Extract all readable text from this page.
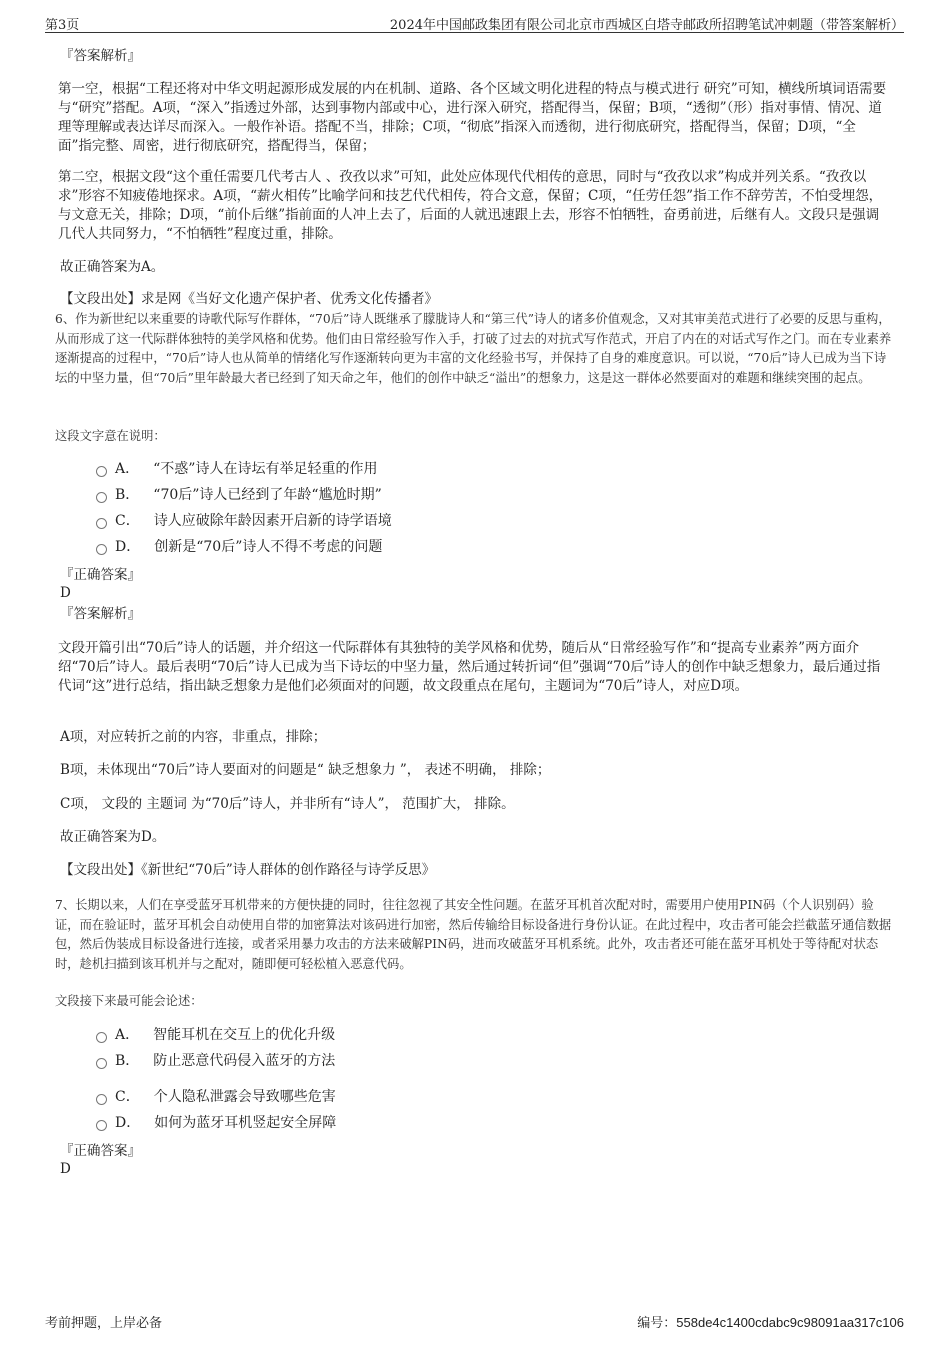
第3页	2024年中国邮政集团有限公司北京市西城区白塔寺邮政所招聘笔试冲刺题（带答案解析）
『答案解析』

第一空，根据“工程还将对中华文明起源形成发展的内在机制、道路、各个区域文明化进程的特点与模式进行 研究”可知，横线所填词语需要与“研究”搭配。A项，“深入”指透过外部，达到事物内部或中心，进行深入研究，搭配得当，保留；B项，“透彻”（形）指对事情、情况、道理等理解或表达详尽而深入。一般作补语。搭配不当，排除；C项，“彻底”指深入而透彻，进行彻底研究，搭配得当，保留；D项，“全面”指完整、周密，进行彻底研究，搭配得当，保留；

第二空，根据文段“这个重任需要几代考古人 、孜孜以求”可知，此处应体现代代相传的意思，同时与“孜孜以求”构成并列关系。“孜孜以求”形容不知疲倦地探求。A项，“薪火相传”比喻学问和技艺代代相传，符合文意，保留；C项，“任劳任怨”指工作不辞劳苦，不怕受埋怨，与文意无关，排除；D项，“前仆后继”指前面的人冲上去了，后面的人就迅速跟上去，形容不怕牺牲，奋勇前进，后继有人。文段只是强调几代人共同努力，“不怕牺牲”程度过重，排除。

故正确答案为A。
【文段出处】求是网《当好文化遗产保护者、优秀文化传播者》

6、作为新世纪以来重要的诗歌代际写作群体，“70后”诗人既继承了朦胧诗人和“第三代”诗人的诸多价值观念，又对其审美范式进行了必要的反思与重构，从而形成了这一代际群体独特的美学风格和优势。他们由日常经验写作入手，打破了过去的对抗式写作范式，开启了内在的对话式写作之门。而在专业素养逐渐提高的过程中，“70后”诗人也从简单的情绪化写作逐渐转向更为丰富的文化经验书写，并保持了自身的难度意识。可以说，“70后”诗人已成为当下诗坛的中坚力量，但“70后”里年龄最大者已经到了知天命之年，他们的创作中缺乏“溢出”的想象力，这是这一群体必然要面对的难题和继续突围的起点。

这段文字意在说明：
A． “不惑”诗人在诗坛有举足轻重的作用
B． “70后”诗人已经到了年龄“尴尬时期”
C． 诗人应破除年龄因素开启新的诗学语境
D． 创新是“70后”诗人不得不考虑的问题
『正确答案』
D
『答案解析』

文段开篇引出“70后”诗人的话题，并介绍这一代际群体有其独特的美学风格和优势，随后从“日常经验写作”和“提高专业素养”两方面介绍“70后”诗人。最后表明“70后”诗人已成为当下诗坛的中坚力量，然后通过转折词“但”强调“70后”诗人的创作中缺乏想象力，最后通过指代词“这”进行总结，指出缺乏想象力是他们必须面对的问题，故文段重点在尾句，主题词为“70后”诗人，对应D项。

A项，对应转折之前的内容，非重点，排除；
B项，未体现出“70后”诗人要面对的问题是“ 缺乏想象力 ”， 表述不明确， 排除；
C项， 文段的 主题词 为“70后”诗人，并非所有“诗人”， 范围扩大， 排除。
故正确答案为D。
【文段出处】《新世纪“70后”诗人群体的创作路径与诗学反思》

7、长期以来，人们在享受蓝牙耳机带来的方便快捷的同时，往往忽视了其安全性问题。在蓝牙耳机首次配对时，需要用户使用PIN码（个人识别码）验证，而在验证时，蓝牙耳机会自动使用自带的加密算法对该码进行加密，然后传输给目标设备进行身份认证。在此过程中，攻击者可能会拦截蓝牙通信数据包，然后伪装成目标设备进行连接，或者采用暴力攻击的方法来破解PIN码，进而攻破蓝牙耳机系统。此外，攻击者还可能在蓝牙耳机处于等待配对状态时，趁机扫描到该耳机并与之配对，随即便可轻松植入恶意代码。

文段接下来最可能会论述：
A． 智能耳机在交互上的优化升级
B． 防止恶意代码侵入蓝牙的方法
C． 个人隐私泄露会导致哪些危害
D． 如何为蓝牙耳机竖起安全屏障
『正确答案』
D
考前押题，上岸必备	编号：558de4c1400cdabc9c98091aa317c106
